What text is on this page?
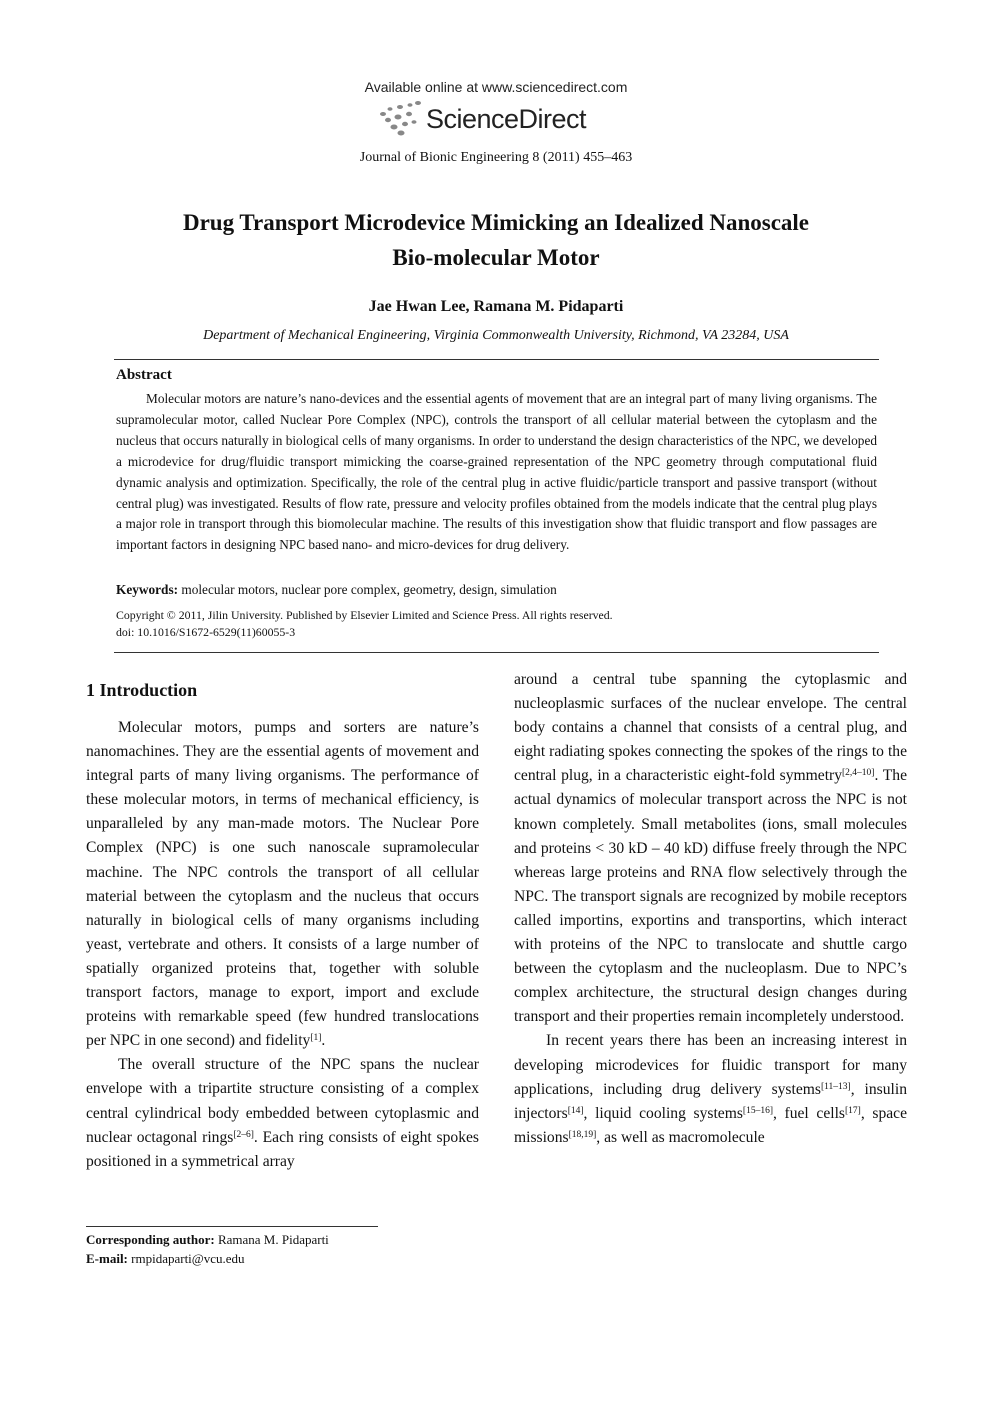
Available online at www.sciencedirect.com
ScienceDirect
Journal of Bionic Engineering 8 (2011) 455–463
Drug Transport Microdevice Mimicking an Idealized Nanoscale
Bio-molecular Motor
Jae Hwan Lee, Ramana M. Pidaparti
Department of Mechanical Engineering, Virginia Commonwealth University, Richmond, VA 23284, USA
Abstract
Molecular motors are nature’s nano-devices and the essential agents of movement that are an integral part of many living organisms. The supramolecular motor, called Nuclear Pore Complex (NPC), controls the transport of all cellular material between the cytoplasm and the nucleus that occurs naturally in biological cells of many organisms. In order to understand the design characteristics of the NPC, we developed a microdevice for drug/fluidic transport mimicking the coarse-grained representation of the NPC geometry through computational fluid dynamic analysis and optimization. Specifically, the role of the central plug in active fluidic/particle transport and passive transport (without central plug) was investigated. Results of flow rate, pressure and velocity profiles obtained from the models indicate that the central plug plays a major role in transport through this biomolecular machine. The results of this investigation show that fluidic transport and flow passages are important factors in designing NPC based nano- and micro-devices for drug delivery.
Keywords: molecular motors, nuclear pore complex, geometry, design, simulation
Copyright © 2011, Jilin University. Published by Elsevier Limited and Science Press. All rights reserved.
doi: 10.1016/S1672-6529(11)60055-3
1 Introduction

Molecular motors, pumps and sorters are nature’s nanomachines. They are the essential agents of movement and integral parts of many living organisms. The performance of these molecular motors, in terms of mechanical efficiency, is unparalleled by any man-made motors. The Nuclear Pore Complex (NPC) is one such nanoscale supramolecular machine. The NPC controls the transport of all cellular material between the cytoplasm and the nucleus that occurs naturally in biological cells of many organisms including yeast, vertebrate and others. It consists of a large number of spatially organized proteins that, together with soluble transport factors, manage to export, import and exclude proteins with remarkable speed (few hundred translocations per NPC in one second) and fidelity[1].

The overall structure of the NPC spans the nuclear envelope with a tripartite structure consisting of a complex central cylindrical body embedded between cytoplasmic and nuclear octagonal rings[2–6]. Each ring consists of eight spokes positioned in a symmetrical array

around a central tube spanning the cytoplasmic and nucleoplasmic surfaces of the nuclear envelope. The central body contains a channel that consists of a central plug, and eight radiating spokes connecting the spokes of the rings to the central plug, in a characteristic eight-fold symmetry[2,4–10]. The actual dynamics of molecular transport across the NPC is not known completely. Small metabolites (ions, small molecules and proteins < 30 kD – 40 kD) diffuse freely through the NPC whereas large proteins and RNA flow selectively through the NPC. The transport signals are recognized by mobile receptors called importins, exportins and transportins, which interact with proteins of the NPC to translocate and shuttle cargo between the cytoplasm and the nucleoplasm. Due to NPC’s complex architecture, the structural design changes during transport and their properties remain incompletely understood.

In recent years there has been an increasing interest in developing microdevices for fluidic transport for many applications, including drug delivery systems[11–13], insulin injectors[14], liquid cooling systems[15–16], fuel cells[17], space missions[18,19], as well as macromolecule

Corresponding author: Ramana M. Pidaparti
E-mail: rmpidaparti@vcu.edu
